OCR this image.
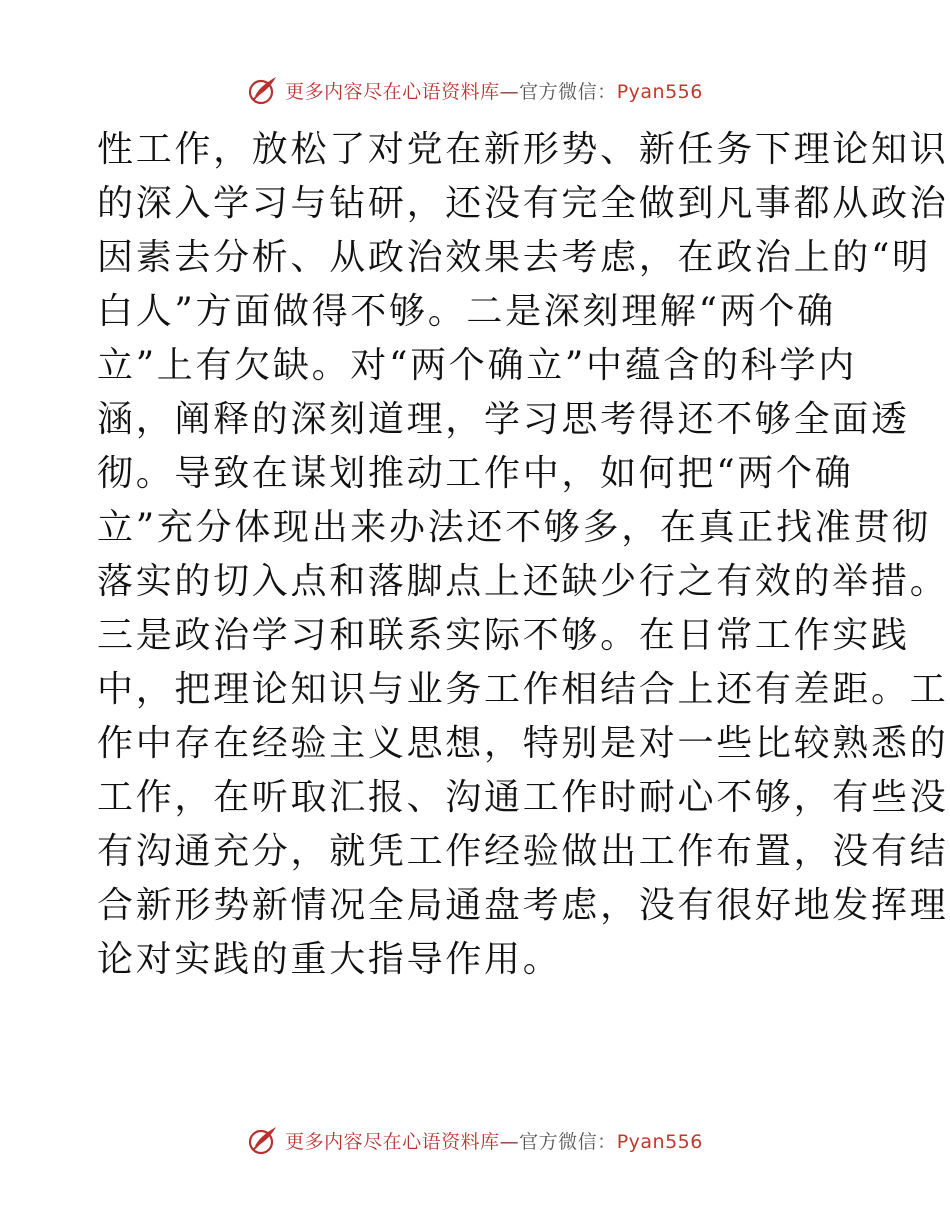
更多内容尽在心语资料库—官方微信：Pyan556
性工作，放松了对党在新形势、新任务下理论知识
的深入学习与钻研，还没有完全做到凡事都从政治
因素去分析、从政治效果去考虑，在政治上的“明
白人”方面做得不够。二是深刻理解“两个确
立”上有欠缺。对“两个确立”中蕴含的科学内
涵，阐释的深刻道理，学习思考得还不够全面透
彻。导致在谋划推动工作中，如何把“两个确
立”充分体现出来办法还不够多，在真正找准贯彻
落实的切入点和落脚点上还缺少行之有效的举措。
三是政治学习和联系实际不够。在日常工作实践
中，把理论知识与业务工作相结合上还有差距。工
作中存在经验主义思想，特别是对一些比较熟悉的
工作，在听取汇报、沟通工作时耐心不够，有些没
有沟通充分，就凭工作经验做出工作布置，没有结
合新形势新情况全局通盘考虑，没有很好地发挥理
论对实践的重大指导作用。
更多内容尽在心语资料库—官方微信：Pyan556
